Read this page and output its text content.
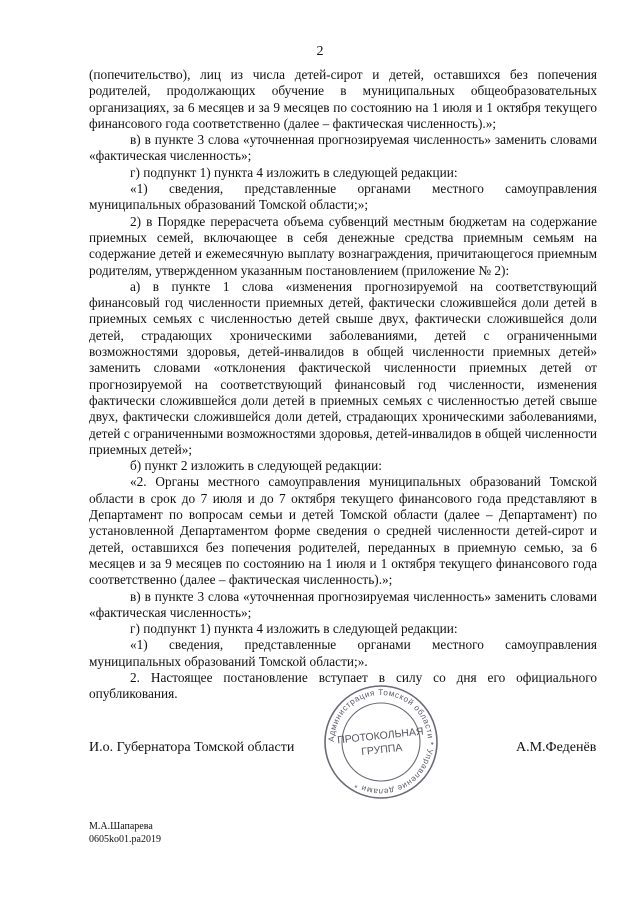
2

(попечительство), лиц из числа детей-сирот и детей, оставшихся без попечения родителей, продолжающих обучение в муниципальных общеобразовательных организациях, за 6 месяцев и за 9 месяцев по состоянию на 1 июля и 1 октября текущего финансового года соответственно (далее – фактическая численность).»;

в) в пункте 3 слова «уточненная прогнозируемая численность» заменить словами «фактическая численность»;

г) подпункт 1) пункта 4 изложить в следующей редакции:

«1) сведения, представленные органами местного самоуправления муниципальных образований Томской области;»;

2) в Порядке перерасчета объема субвенций местным бюджетам на содержание приемных семей, включающее в себя денежные средства приемным семьям на содержание детей и ежемесячную выплату вознаграждения, причитающегося приемным родителям, утвержденном указанным постановлением (приложение № 2):

а) в пункте 1 слова «изменения прогнозируемой на соответствующий финансовый год численности приемных детей, фактически сложившейся доли детей в приемных семьях с численностью детей свыше двух, фактически сложившейся доли детей, страдающих хроническими заболеваниями, детей с ограниченными возможностями здоровья, детей-инвалидов в общей численности приемных детей» заменить словами «отклонения фактической численности приемных детей от прогнозируемой на соответствующий финансовый год численности, изменения фактически сложившейся доли детей в приемных семьях с численностью детей свыше двух, фактически сложившейся доли детей, страдающих хроническими заболеваниями, детей с ограниченными возможностями здоровья, детей-инвалидов в общей численности приемных детей»;

б) пункт 2 изложить в следующей редакции:

«2. Органы местного самоуправления муниципальных образований Томской области в срок до 7 июля и до 7 октября текущего финансового года представляют в Департамент по вопросам семьи и детей Томской области (далее – Департамент) по установленной Департаментом форме сведения о средней численности детей-сирот и детей, оставшихся без попечения родителей, переданных в приемную семью, за 6 месяцев и за 9 месяцев по состоянию на 1 июля и 1 октября текущего финансового года соответственно (далее – фактическая численность).»;

в) в пункте 3 слова «уточненная прогнозируемая численность» заменить словами «фактическая численность»;

г) подпункт 1) пункта 4 изложить в следующей редакции:

«1) сведения, представленные органами местного самоуправления муниципальных образований Томской области;».

2. Настоящее постановление вступает в силу со дня его официального опубликования.

Администрация Томской области * Управление делами *
ПРОТОКОЛЬНАЯ
ГРУППА
И.о. Губернатора Томской области	А.М.Феденёв
М.А.Шапарева
0605ko01.pa2019
